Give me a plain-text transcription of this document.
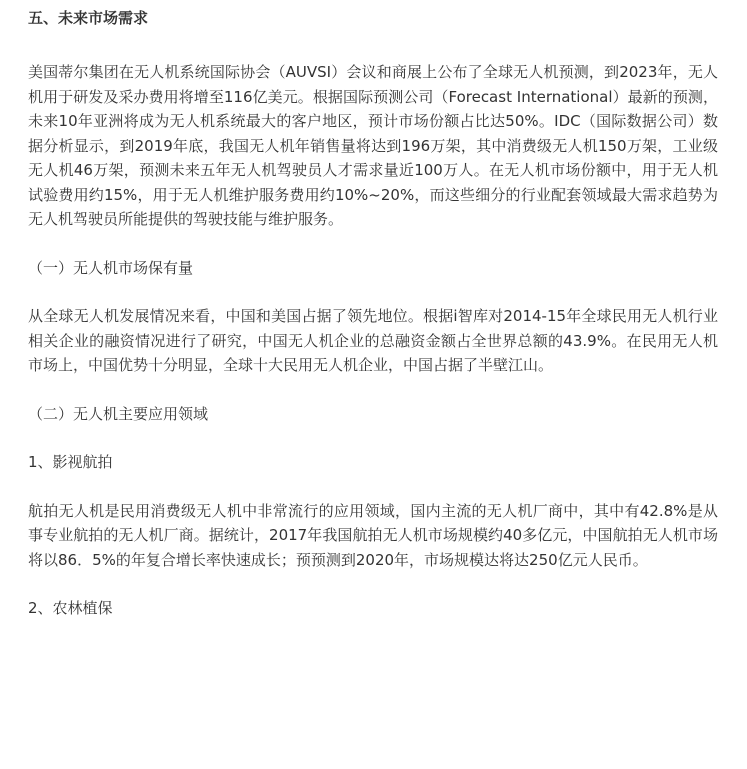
五、未来市场需求

美国蒂尔集团在无人机系统国际协会（AUVSI）会议和商展上公布了全球无人机预测，到2023年，无人机用于研发及采办费用将增至116亿美元。根据国际预测公司（Forecast International）最新的预测，未来10年亚洲将成为无人机系统最大的客户地区，预计市场份额占比达50%。IDC（国际数据公司）数据分析显示，到2019年底，我国无人机年销售量将达到196万架，其中消费级无人机150万架，工业级无人机46万架，预测未来五年无人机驾驶员人才需求量近100万人。在无人机市场份额中，用于无人机试验费用约15%，用于无人机维护服务费用约10%~20%，而这些细分的行业配套领域最大需求趋势为无人机驾驶员所能提供的驾驶技能与维护服务。

（一）无人机市场保有量

从全球无人机发展情况来看，中国和美国占据了领先地位。根据i智库对2014-15年全球民用无人机行业相关企业的融资情况进行了研究，中国无人机企业的总融资金额占全世界总额的43.9%。在民用无人机市场上，中国优势十分明显，全球十大民用无人机企业，中国占据了半壁江山。

（二）无人机主要应用领域

1、影视航拍

航拍无人机是民用消费级无人机中非常流行的应用领域，国内主流的无人机厂商中，其中有42.8%是从事专业航拍的无人机厂商。据统计，2017年我国航拍无人机市场规模约40多亿元，中国航拍无人机市场将以86．5%的年复合增长率快速成长；预预测到2020年，市场规模达将达250亿元人民币。

2、农林植保
